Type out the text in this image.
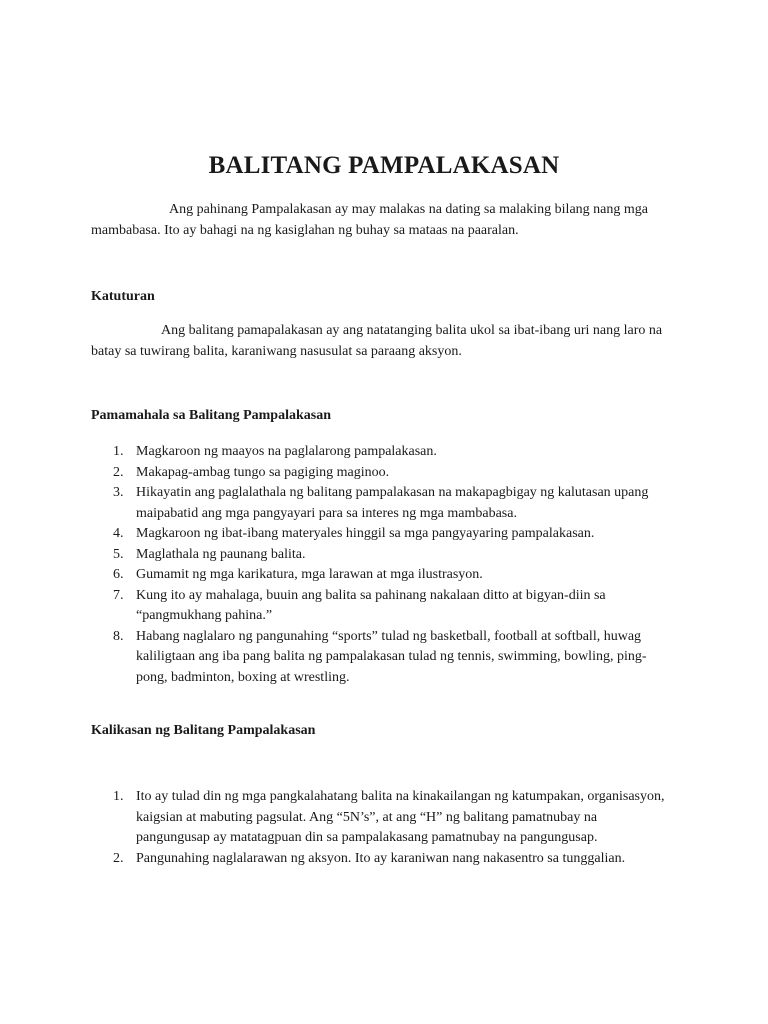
BALITANG PAMPALAKASAN

Ang pahinang Pampalakasan ay may malakas na dating sa malaking bilang nang mga mambabasa. Ito ay bahagi na ng kasiglahan ng buhay sa mataas na paaralan.

Katuturan

Ang balitang pamapalakasan ay ang natatanging balita ukol sa ibat-ibang uri nang laro na batay sa tuwirang balita, karaniwang nasusulat sa paraang aksyon.

Pamamahala sa Balitang Pampalakasan
1. Magkaroon ng maayos na paglalarong pampalakasan.
2. Makapag-ambag tungo sa pagiging maginoo.
3. Hikayatin ang paglalathala ng balitang pampalakasan na makapagbigay ng kalutasan upang maipabatid ang mga pangyayari para sa interes ng mga mambabasa.
4. Magkaroon ng ibat-ibang materyales hinggil sa mga pangyayaring pampalakasan.
5. Maglathala ng paunang balita.
6. Gumamit ng mga karikatura, mga larawan at mga ilustrasyon.
7. Kung ito ay mahalaga, buuin ang balita sa pahinang nakalaan ditto at bigyan-diin sa “pangmukhang pahina.”
8. Habang naglalaro ng pangunahing “sports” tulad ng basketball, football at softball, huwag kaliligtaan ang iba pang balita ng pampalakasan tulad ng tennis, swimming, bowling, ping-pong, badminton, boxing at wrestling.
Kalikasan ng Balitang Pampalakasan
1. Ito ay tulad din ng mga pangkalahatang balita na kinakailangan ng katumpakan, organisasyon, kaigsian at mabuting pagsulat. Ang “5N’s”, at ang “H” ng balitang pamatnubay na pangungusap ay matatagpuan din sa pampalakasang pamatnubay na pangungusap.
2. Pangunahing naglalarawan ng aksyon. Ito ay karaniwan nang nakasentro sa tunggalian.
